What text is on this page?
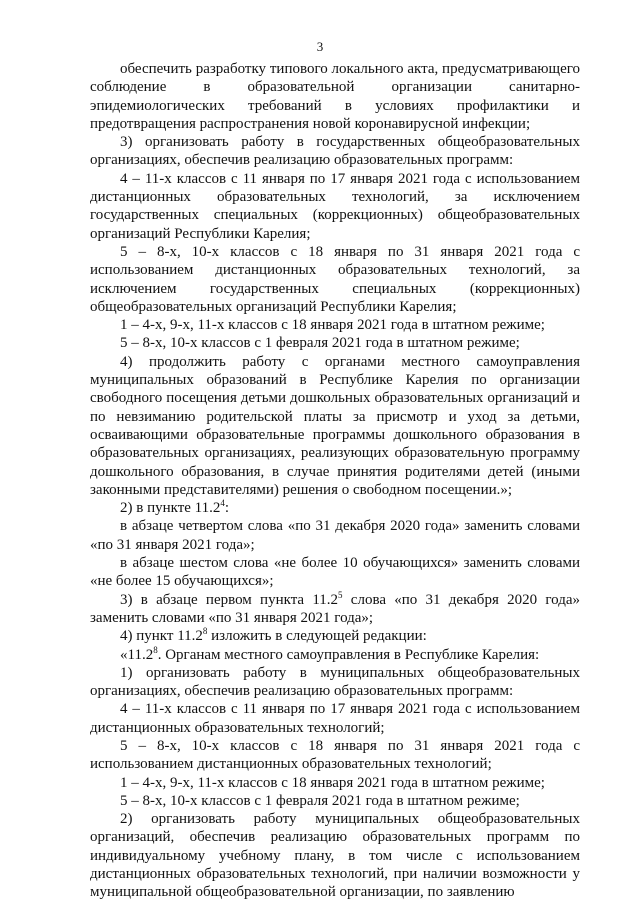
3

обеспечить разработку типового локального акта, предусматривающего соблюдение в образовательной организации санитарно-эпидемиологических требований в условиях профилактики и предотвращения распространения новой коронавирусной инфекции;

3) организовать работу в государственных общеобразовательных организациях, обеспечив реализацию образовательных программ:

4 – 11-х классов с 11 января по 17 января 2021 года с использованием дистанционных образовательных технологий, за исключением государственных специальных (коррекционных) общеобразовательных организаций Республики Карелия;

5 – 8-х, 10-х классов с 18 января по 31 января 2021 года с использованием дистанционных образовательных технологий, за исключением государственных специальных (коррекционных) общеобразовательных организаций Республики Карелия;

1 – 4-х, 9-х, 11-х классов с 18 января 2021 года в штатном режиме;

5 – 8-х, 10-х классов с 1 февраля 2021 года в штатном режиме;

4) продолжить работу с органами местного самоуправления муниципальных образований в Республике Карелия по организации свободного посещения детьми дошкольных образовательных организаций и по невзиманию родительской платы за присмотр и уход за детьми, осваивающими образовательные программы дошкольного образования в образовательных организациях, реализующих образовательную программу дошкольного образования, в случае принятия родителями детей (иными законными представителями) решения о свободном посещении.»;

2) в пункте 11.2$^4$:

в абзаце четвертом слова «по 31 декабря 2020 года» заменить словами «по 31 января 2021 года»;

в абзаце шестом слова «не более 10 обучающихся» заменить словами «не более 15 обучающихся»;

3) в абзаце первом пункта 11.2$^5$ слова «по 31 декабря 2020 года» заменить словами «по 31 января 2021 года»;

4) пункт 11.2$^8$ изложить в следующей редакции:

«11.2$^8$. Органам местного самоуправления в Республике Карелия:

1) организовать работу в муниципальных общеобразовательных организациях, обеспечив реализацию образовательных программ:

4 – 11-х классов с 11 января по 17 января 2021 года с использованием дистанционных образовательных технологий;

5 – 8-х, 10-х классов с 18 января по 31 января 2021 года с использованием дистанционных образовательных технологий;

1 – 4-х, 9-х, 11-х классов с 18 января 2021 года в штатном режиме;

5 – 8-х, 10-х классов с 1 февраля 2021 года в штатном режиме;

2) организовать работу муниципальных общеобразовательных организаций, обеспечив реализацию образовательных программ по индивидуальному учебному плану, в том числе с использованием дистанционных образовательных технологий, при наличии возможности у муниципальной общеобразовательной организации, по заявлению
